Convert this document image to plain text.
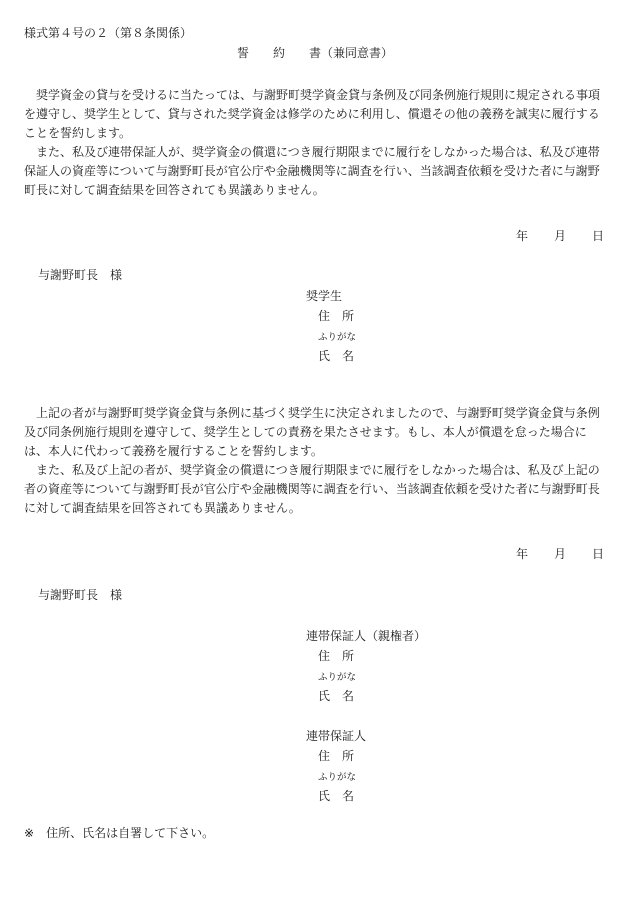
様式第４号の２（第８条関係）
誓　　約　　書（兼同意書）

奨学資金の貸与を受けるに当たっては、与謝野町奨学資金貸与条例及び同条例施行規則に規定される事項を遵守し、奨学生として、貸与された奨学資金は修学のために利用し、償還その他の義務を誠実に履行することを誓約します。

また、私及び連帯保証人が、奨学資金の償還につき履行期限までに履行をしなかった場合は、私及び連帯保証人の資産等について与謝野町長が官公庁や金融機関等に調査を行い、当該調査依頼を受けた者に与謝野町長に対して調査結果を回答されても異議ありません。

年 月 日
与謝野町長　様
奨学生
住 所
ふりがな
氏 名

上記の者が与謝野町奨学資金貸与条例に基づく奨学生に決定されましたので、与謝野町奨学資金貸与条例及び同条例施行規則を遵守して、奨学生としての責務を果たさせます。もし、本人が償還を怠った場合には、本人に代わって義務を履行することを誓約します。

また、私及び上記の者が、奨学資金の償還につき履行期限までに履行をしなかった場合は、私及び上記の者の資産等について与謝野町長が官公庁や金融機関等に調査を行い、当該調査依頼を受けた者に与謝野町長に対して調査結果を回答されても異議ありません。

年 月 日
与謝野町長　様
連帯保証人（親権者）
住 所
ふりがな
氏 名
連帯保証人
住 所
ふりがな
氏 名
※ 住所、氏名は自署して下さい。
